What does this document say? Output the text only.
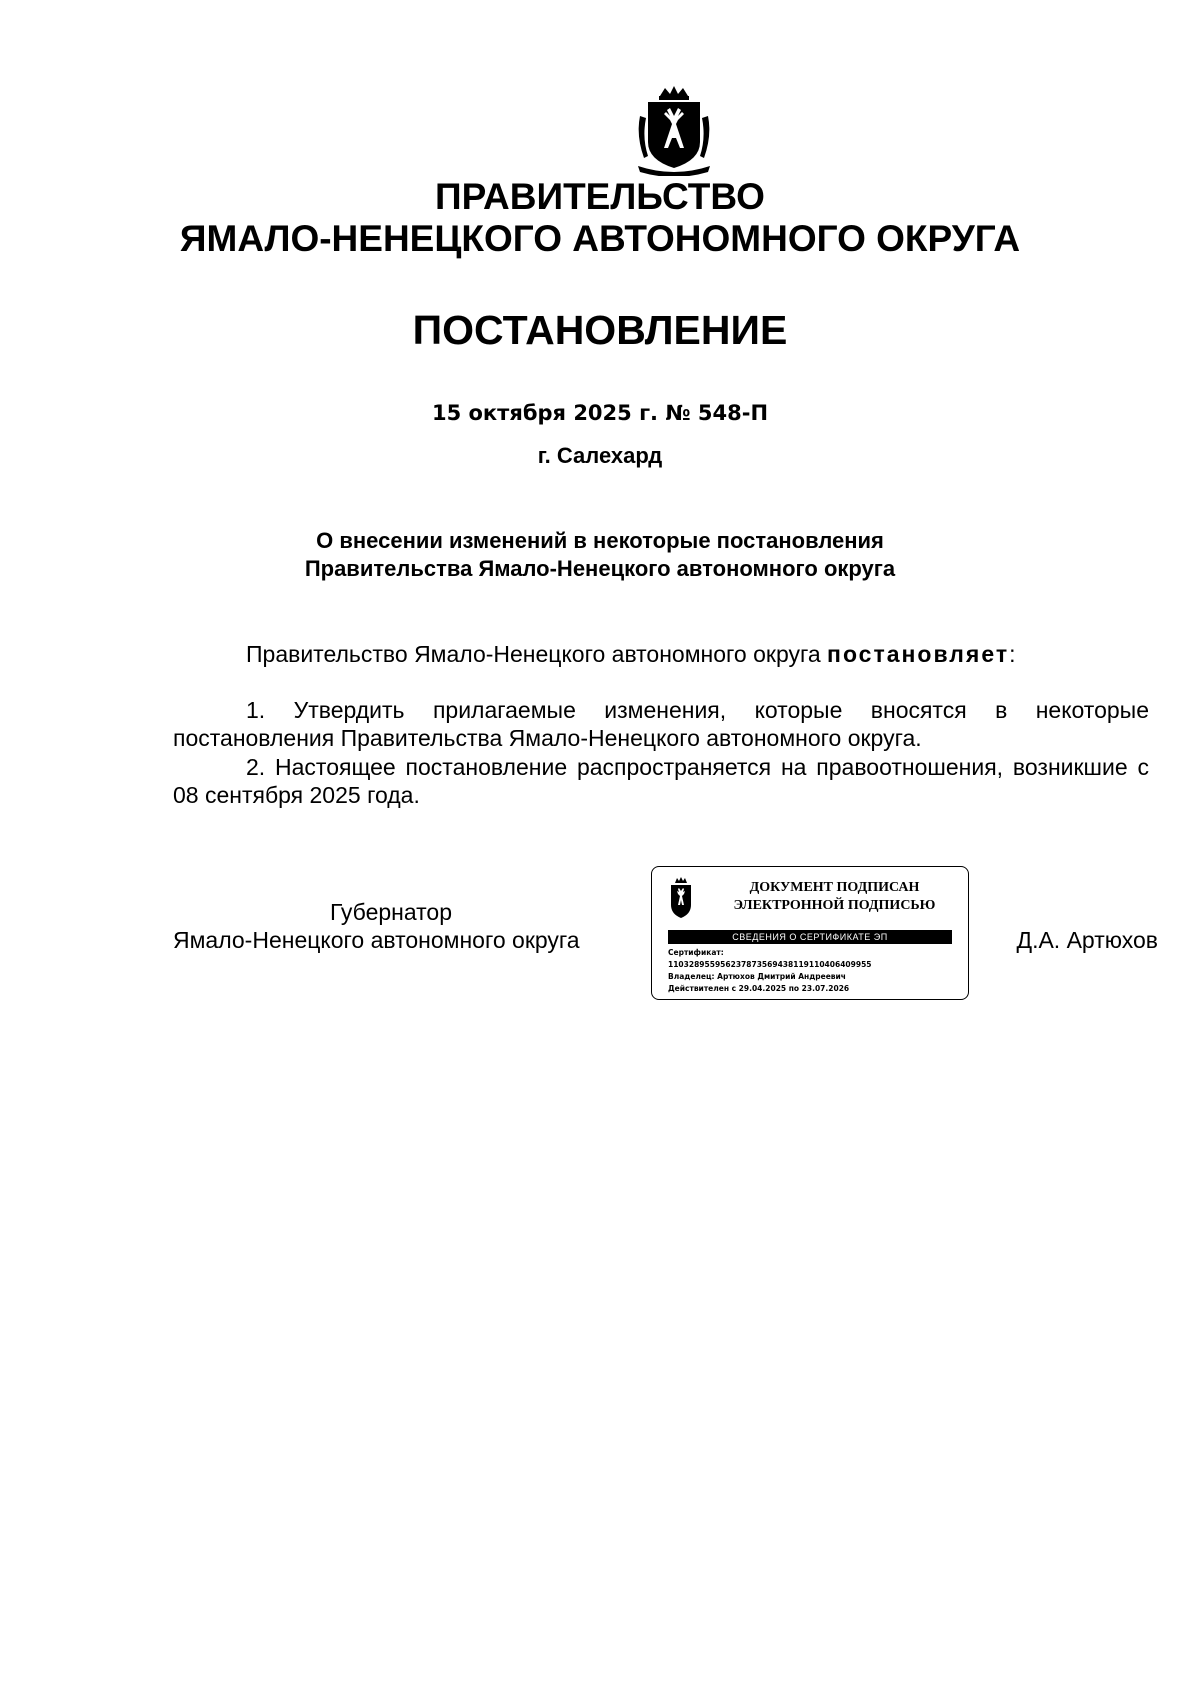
ПРАВИТЕЛЬСТВО
ЯМАЛО-НЕНЕЦКОГО АВТОНОМНОГО ОКРУГА
ПОСТАНОВЛЕНИЕ
15 октября 2025 г. № 548-П
г. Салехард
О внесении изменений в некоторые постановления
Правительства Ямало-Ненецкого автономного округа
Правительство Ямало-Ненецкого автономного округа постановляет:
1. Утвердить прилагаемые изменения, которые вносятся в некоторые постановления Правительства Ямало-Ненецкого автономного округа.
2. Настоящее постановление распространяется на правоотношения, возникшие с 08 сентября 2025 года.
Губернатор
Ямало-Ненецкого автономного округа
ДОКУМЕНТ ПОДПИСАН
ЭЛЕКТРОННОЙ ПОДПИСЬЮ
СВЕДЕНИЯ О СЕРТИФИКАТЕ ЭП
Сертификат:
110328955956237873569438119110406409955
Владелец: Артюхов Дмитрий Андреевич
Действителен с 29.04.2025 по 23.07.2026
Д.А. Артюхов
